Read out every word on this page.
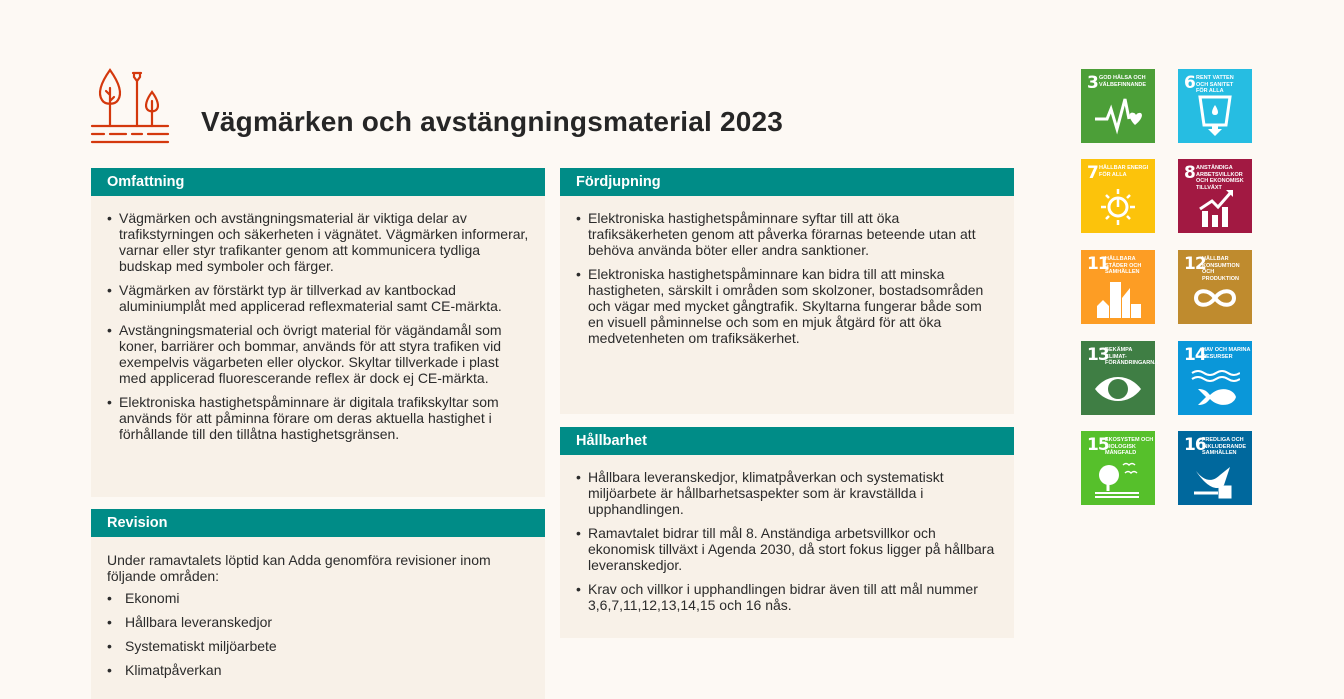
Vägmärken och avstängningsmaterial 2023
Omfattning
• Vägmärken och avstängningsmaterial är viktiga delar av trafikstyrningen och säkerheten i vägnätet. Vägmärken informerar, varnar eller styr trafikanter genom att kommunicera tydliga budskap med symboler och färger.
• Vägmärken av förstärkt typ är tillverkad av kantbockad aluminiumplåt med applicerad reflexmaterial samt CE-märkta.
• Avstängningsmaterial och övrigt material för vägändamål som koner, barriärer och bommar, används för att styra trafiken vid exempelvis vägarbeten eller olyckor. Skyltar tillverkade i plast med applicerad fluorescerande reflex är dock ej CE-märkta.
• Elektroniska hastighetspåminnare är digitala trafikskyltar som används för att påminna förare om deras aktuella hastighet i förhållande till den tillåtna hastighetsgränsen.
Revision

Under ramavtalets löptid kan Adda genomföra revisioner inom följande områden:

• Ekonomi
• Hållbara leveranskedjor
• Systematiskt miljöarbete
• Klimatpåverkan
Fördjupning
• Elektroniska hastighetspåminnare syftar till att öka trafiksäkerheten genom att påverka förarnas beteende utan att behöva använda böter eller andra sanktioner.
• Elektroniska hastighetspåminnare kan bidra till att minska hastigheten, särskilt i områden som skolzoner, bostadsområden och vägar med mycket gångtrafik. Skyltarna fungerar både som en visuell påminnelse och som en mjuk åtgärd för att öka medvetenheten om trafiksäkerhet.
Hållbarhet
• Hållbara leveranskedjor, klimatpåverkan och systematiskt miljöarbete är hållbarhetsaspekter som är kravställda i upphandlingen.
• Ramavtalet bidrar till mål 8. Anständiga arbetsvillkor och ekonomisk tillväxt i Agenda 2030, då stort fokus ligger på hållbara leveranskedjor.
• Krav och villkor i upphandlingen bidrar även till att mål nummer 3,6,7,11,12,13,14,15 och 16 nås.
3 GOD HÄLSA OCH VÄLBEFINNANDE 6 RENT VATTEN OCH SANITET FÖR ALLA
7 HÅLLBAR ENERGI FÖR ALLA	8 ANSTÄNDIGA ARBETSVILLKOR OCH EKONOMISK TILLVÄXT
11
HÅLLBARA STÄDER OCH SAMHÄLLEN	12
HÅLLBAR KONSUMTION OCH PRODUKTION
13
BEKÄMPA KLIMAT-FÖRÄNDRINGARNA 14
HAV OCH MARINA RESURSER
15
EKOSYSTEM OCH BIOLOGISK MÅNGFALD	16
FREDLIGA OCH INKLUDERANDE SAMHÄLLEN
